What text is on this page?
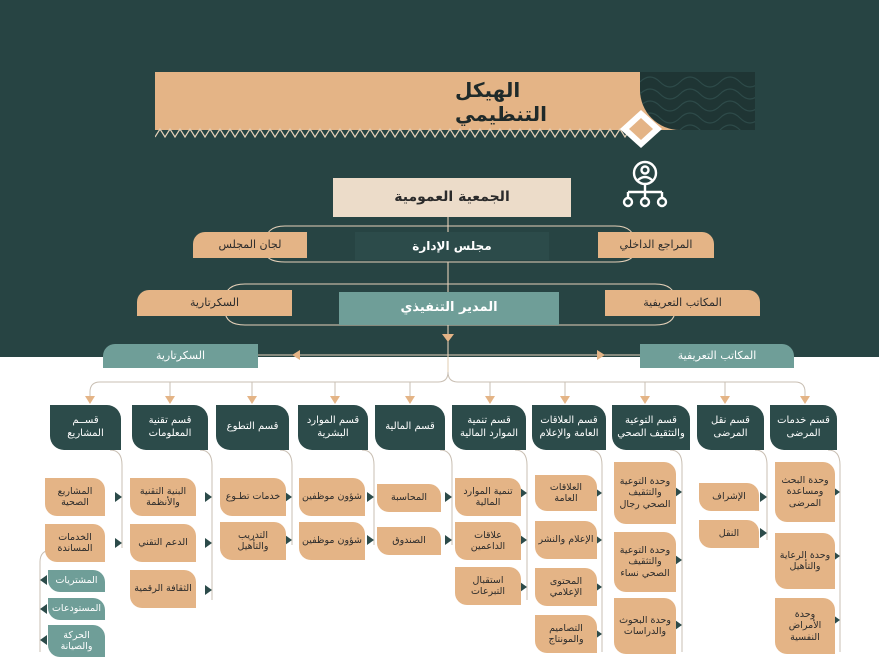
الهيكل التنظيمي
الجمعية العمومية
المراجع الداخلي
لجان المجلس	مجلس الإدارة
المدير التنفيذي	المكاتب التعريفية
السكرتارية
المكاتب التعريفية
السكرتارية
قسم خدمات المرضى
قسم نقل المرضى
قسم التوعية والتثقيف الصحي
قسم العلاقات العامة والإعلام
قسم تنمية الموارد المالية
قسم المالية
قسم الموارد البشرية
قسم التطوع
قسم تقنية المعلومات
قســم المشاريع
وحدة البحث ومساعدة المرضى
وحدة الرعاية والتأهيل
وحدة الأمراض النفسية
الإشراف
النقل
وحدة التوعية والتثقيف الصحي رجال
وحدة التوعية والتثقيف الصحي نساء
وحدة البحوث والدراسات
العلاقات العامة
الإعلام والنشر
المحتوى الإعلامي
التصاميم والمونتاج
تنمية الموارد المالية
علاقات الداعمين
استقبال التبرعات
المحاسبة
الصندوق
شؤون موظفين
شؤون موظفين
خدمات تطـوع
التدريب والتأهيل
البنية التقنية والأنظمة
الدعم التقني
الثقافة الرقمية
المشاريع الصحية
الخدمات المساندة
المشتريات
المستودعات
الحركة والصيانة
